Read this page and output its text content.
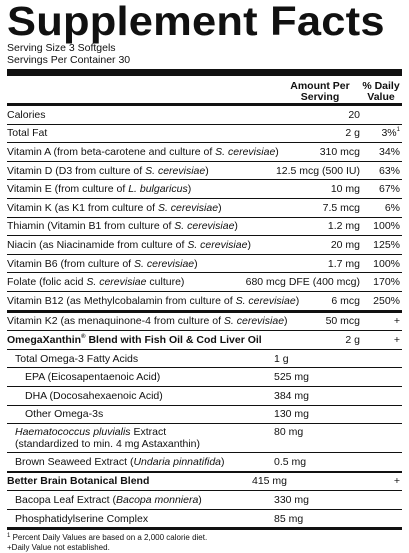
Supplement Facts
Serving Size 3 Softgels
Servings Per Container 30
Amount Per
Serving
% Daily
Value
Calories	20
Total Fat	2 g	3%$^1$
Vitamin A (from beta-carotene and culture of S. cerevisiae)	310 mcg	34%
Vitamin D (D3 from culture of S. cerevisiae)	12.5 mcg (500 IU)	63%
Vitamin E (from culture of L. bulgaricus)	10 mg	67%
Vitamin K (as K1 from culture of S. cerevisiae)	7.5 mcg	6%
Thiamin (Vitamin B1 from culture of S. cerevisiae)	1.2 mg	100%
Niacin (as Niacinamide from culture of S. cerevisiae)	20 mg	125%
Vitamin B6 (from culture of S. cerevisiae)	1.7 mg	100%
Folate (folic acid S. cerevisiae culture)	680 mcg DFE (400 mcg)	170%
Vitamin B12 (as Methylcobalamin from culture of S. cerevisiae)	6 mcg	250%
Vitamin K2 (as menaquinone-4 from culture of S. cerevisiae)	50 mcg	+
OmegaXanthin® Blend with Fish Oil & Cod Liver Oil	2 g	+
Total Omega-3 Fatty Acids	1 g
EPA (Eicosapentaenoic Acid)	525 mg
DHA (Docosahexaenoic Acid)	384 mg
Other Omega-3s	130 mg
Haematococcus pluvialis Extract
(standardized to min. 4 mg Astaxanthin)
80 mg
Brown Seaweed Extract (Undaria pinnatifida)	0.5 mg
Better Brain Botanical Blend	415 mg	+
Bacopa Leaf Extract (Bacopa monniera)	330 mg
Phosphatidylserine Complex	85 mg
$^1$ Percent Daily Values are based on a 2,000 calorie diet.
+Daily Value not established.
